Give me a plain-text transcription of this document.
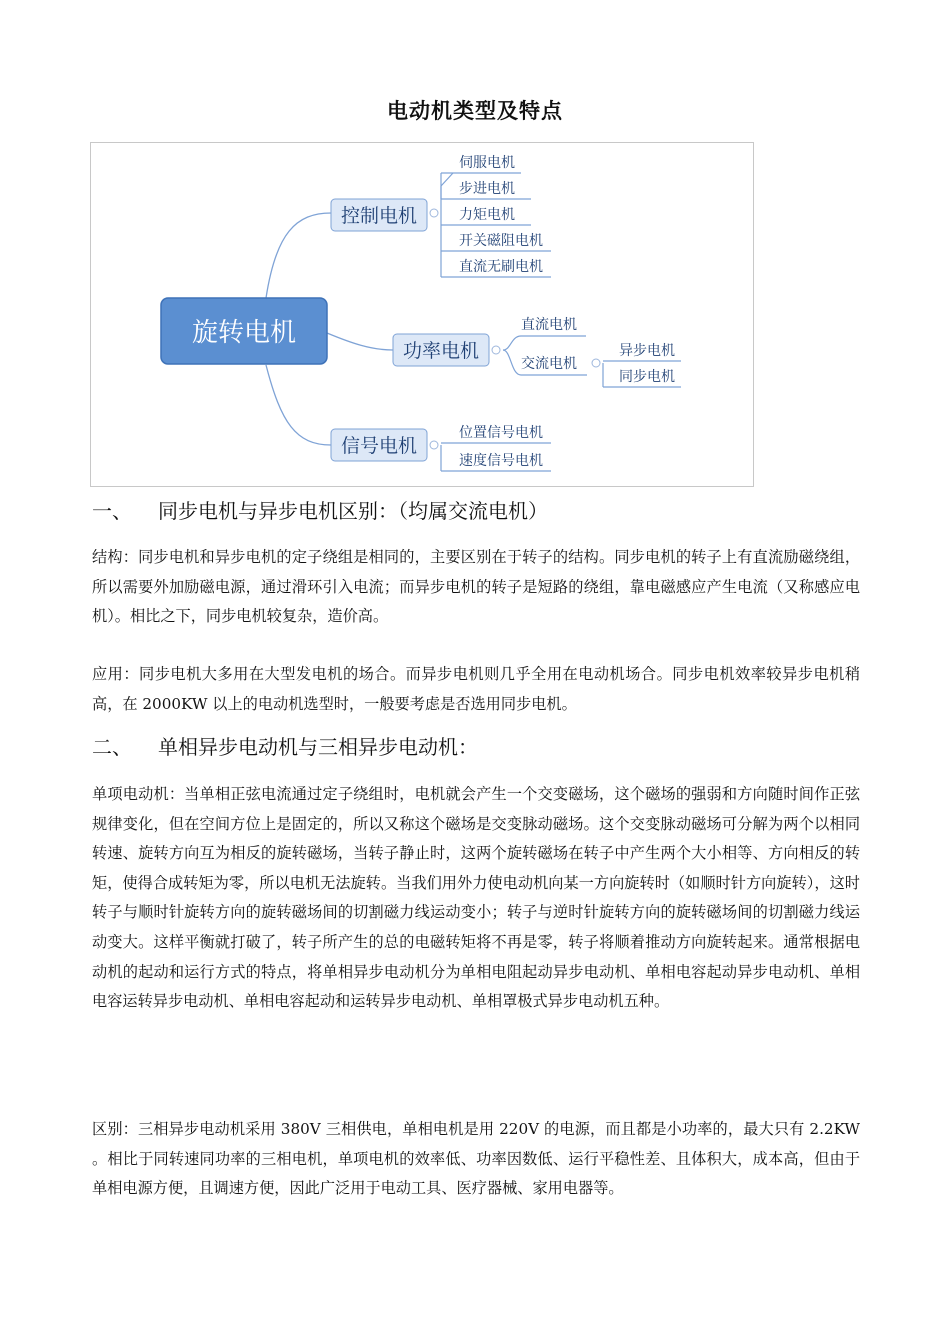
电动机类型及特点
旋转电机
控制电机
功率电机
信号电机
伺服电机
步进电机
力矩电机
开关磁阻电机
直流无刷电机
直流电机
交流电机
异步电机
同步电机
位置信号电机
速度信号电机
一、 同步电机与异步电机区别：（均属交流电机）

结构：同步电机和异步电机的定子绕组是相同的，主要区别在于转子的结构。同步电机的转子上有直流励磁绕组，所以需要外加励磁电源，通过滑环引入电流；而异步电机的转子是短路的绕组，靠电磁感应产生电流（又称感应电机）。相比之下，同步电机较复杂，造价高。

应用：同步电机大多用在大型发电机的场合。而异步电机则几乎全用在电动机场合。同步电机效率较异步电机稍高，在 2000KW 以上的电动机选型时，一般要考虑是否选用同步电机。

二、 单相异步电动机与三相异步电动机：

单项电动机：当单相正弦电流通过定子绕组时，电机就会产生一个交变磁场，这个磁场的强弱和方向随时间作正弦规律变化，但在空间方位上是固定的，所以又称这个磁场是交变脉动磁场。这个交变脉动磁场可分解为两个以相同转速、旋转方向互为相反的旋转磁场，当转子静止时，这两个旋转磁场在转子中产生两个大小相等、方向相反的转矩，使得合成转矩为零，所以电机无法旋转。当我们用外力使电动机向某一方向旋转时（如顺时针方向旋转），这时转子与顺时针旋转方向的旋转磁场间的切割磁力线运动变小；转子与逆时针旋转方向的旋转磁场间的切割磁力线运动变大。这样平衡就打破了，转子所产生的总的电磁转矩将不再是零，转子将顺着推动方向旋转起来。通常根据电动机的起动和运行方式的特点，将单相异步电动机分为单相电阻起动异步电动机、单相电容起动异步电动机、单相电容运转异步电动机、单相电容起动和运转异步电动机、单相罩极式异步电动机五种。

区别：三相异步电动机采用 380V 三相供电，单相电机是用 220V 的电源，而且都是小功率的，最大只有 2.2KW 。相比于同转速同功率的三相电机，单项电机的效率低、功率因数低、运行平稳性差、且体积大，成本高，但由于单相电源方便，且调速方便，因此广泛用于电动工具、医疗器械、家用电器等。
